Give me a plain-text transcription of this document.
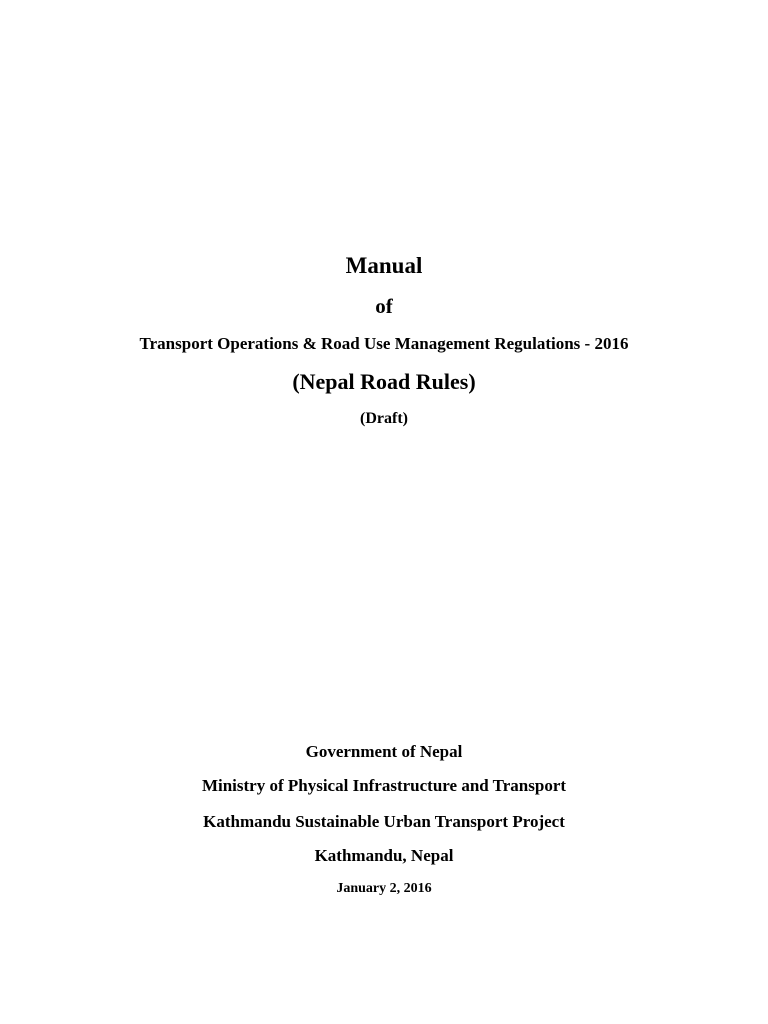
Manual
of
Transport Operations & Road Use Management Regulations - 2016
(Nepal Road Rules)
(Draft)
Government of Nepal
Ministry of Physical Infrastructure and Transport
Kathmandu Sustainable Urban Transport Project
Kathmandu, Nepal
January 2, 2016
